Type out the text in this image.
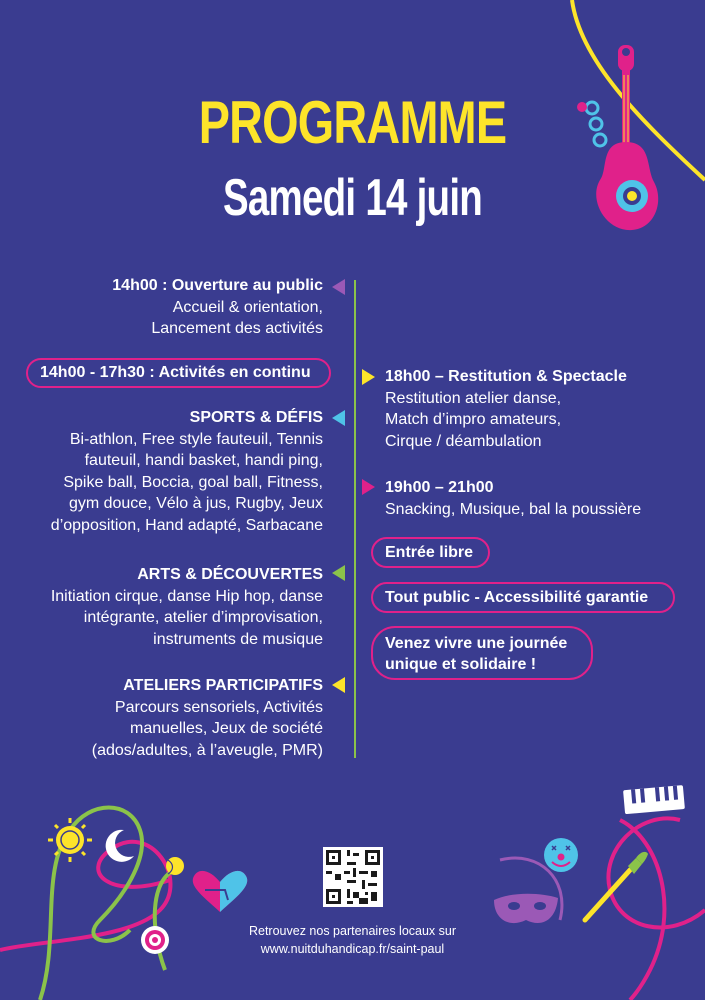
PROGRAMME
Samedi 14 juin
14h00 : Ouverture au public
Accueil & orientation,
Lancement des activités
14h00 - 17h30 : Activités en continu
SPORTS & DÉFIS
Bi-athlon, Free style fauteuil, Tennis
fauteuil, handi basket, handi ping,
Spike ball, Boccia, goal ball, Fitness,
gym douce, Vélo à jus, Rugby, Jeux
d’opposition, Hand adapté, Sarbacane
ARTS & DÉCOUVERTES
Initiation cirque, danse Hip hop, danse
intégrante, atelier d’improvisation,
instruments de musique
ATELIERS PARTICIPATIFS
Parcours sensoriels, Activités
manuelles, Jeux de société
(ados/adultes, à l’aveugle, PMR)
18h00 – Restitution & Spectacle
Restitution atelier danse,
Match d’impro amateurs,
Cirque / déambulation
19h00 – 21h00
Snacking, Musique, bal la poussière
Entrée libre
Tout public - Accessibilité garantie
Venez vivre une journée
unique et solidaire !
Retrouvez nos partenaires locaux sur
www.nuitduhandicap.fr/saint-paul
